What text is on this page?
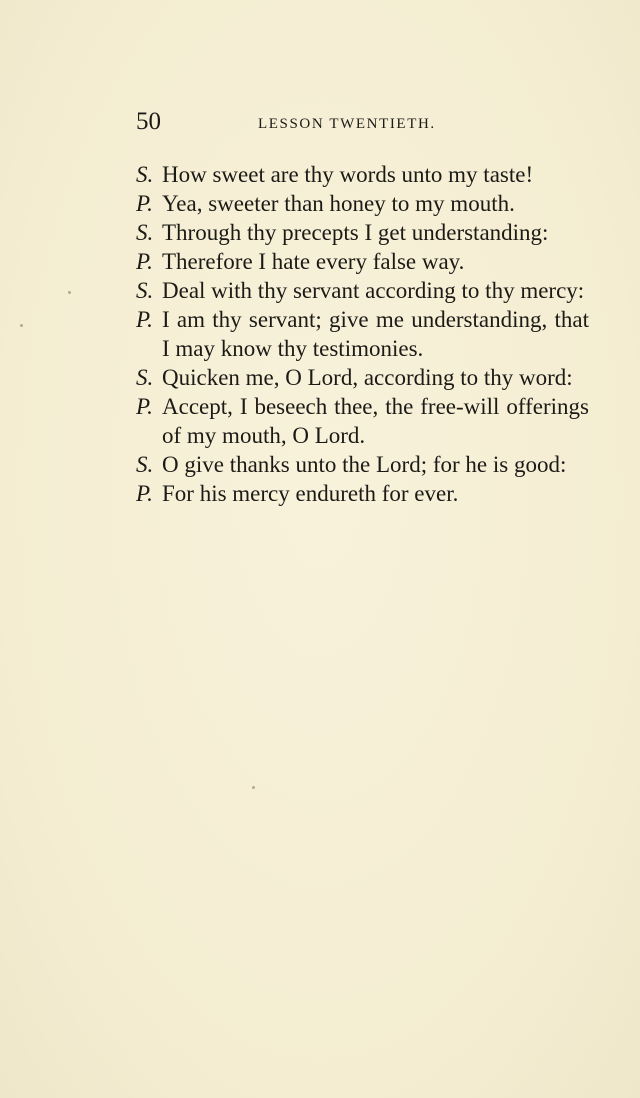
50	LESSON TWENTIETH.

S . How sweet are thy words unto my taste!

P . Yea, sweeter than honey to my mouth.

S . Through thy precepts I get understanding:

P . Therefore I hate every false way.

S . Deal with thy servant according to thy mercy:

P . I am thy servant; give me understanding, that I may know thy testimonies.

S . Quicken me, O Lord, according to thy word:

P . Accept, I beseech thee, the free-will offerings of my mouth, O Lord.

S . O give thanks unto the Lord; for he is good:

P . For his mercy endureth for ever.
